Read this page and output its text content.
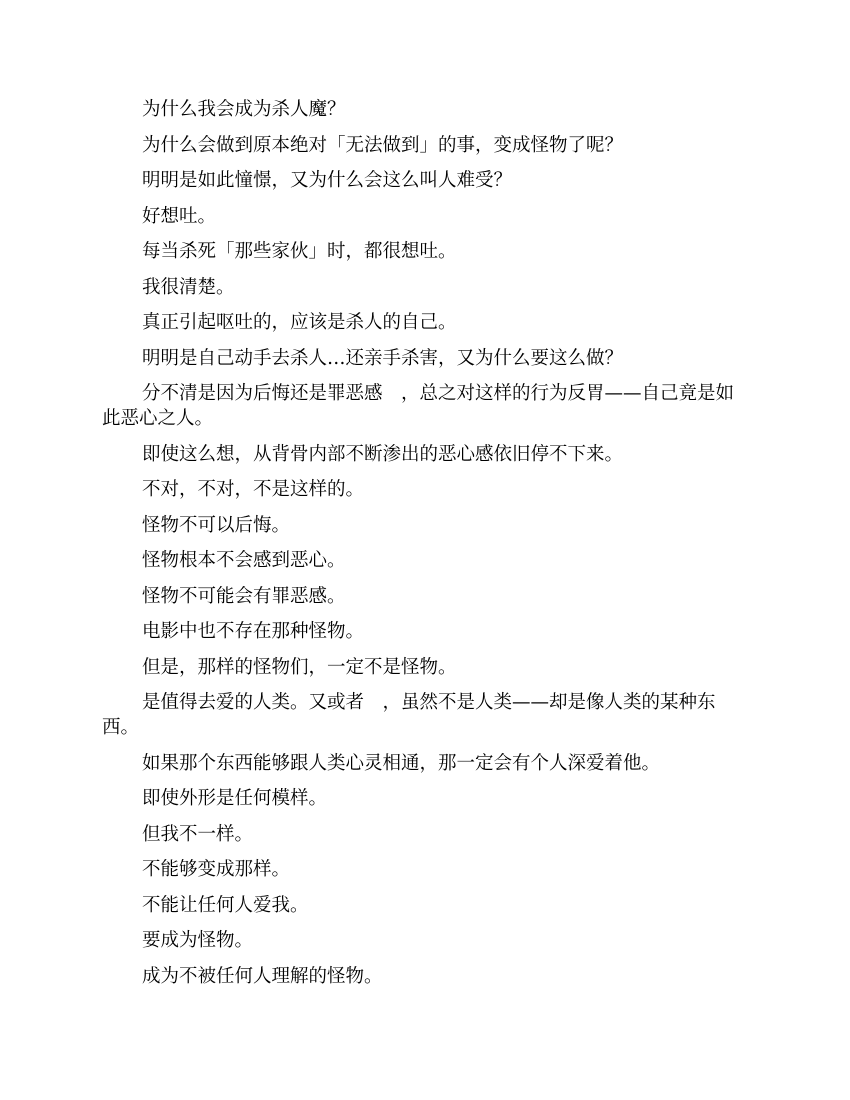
为什么我会成为杀人魔？

为什么会做到原本绝对「无法做到」的事，变成怪物了呢？

明明是如此憧憬，又为什么会这么叫人难受？

好想吐。

每当杀死「那些家伙」时，都很想吐。

我很清楚。

真正引起呕吐的，应该是杀人的自己。

明明是自己动手去杀人…还亲手杀害，又为什么要这么做？

分不清是因为后悔还是罪恶感　，总之对这样的行为反胃——自己竟是如此恶心之人。

即使这么想，从背骨内部不断渗出的恶心感依旧停不下来。

不对，不对，不是这样的。

怪物不可以后悔。

怪物根本不会感到恶心。

怪物不可能会有罪恶感。

电影中也不存在那种怪物。

但是，那样的怪物们，一定不是怪物。

是值得去爱的人类。又或者　，虽然不是人类——却是像人类的某种东西。

如果那个东西能够跟人类心灵相通，那一定会有个人深爱着他。

即使外形是任何模样。

但我不一样。

不能够变成那样。

不能让任何人爱我。

要成为怪物。

成为不被任何人理解的怪物。
